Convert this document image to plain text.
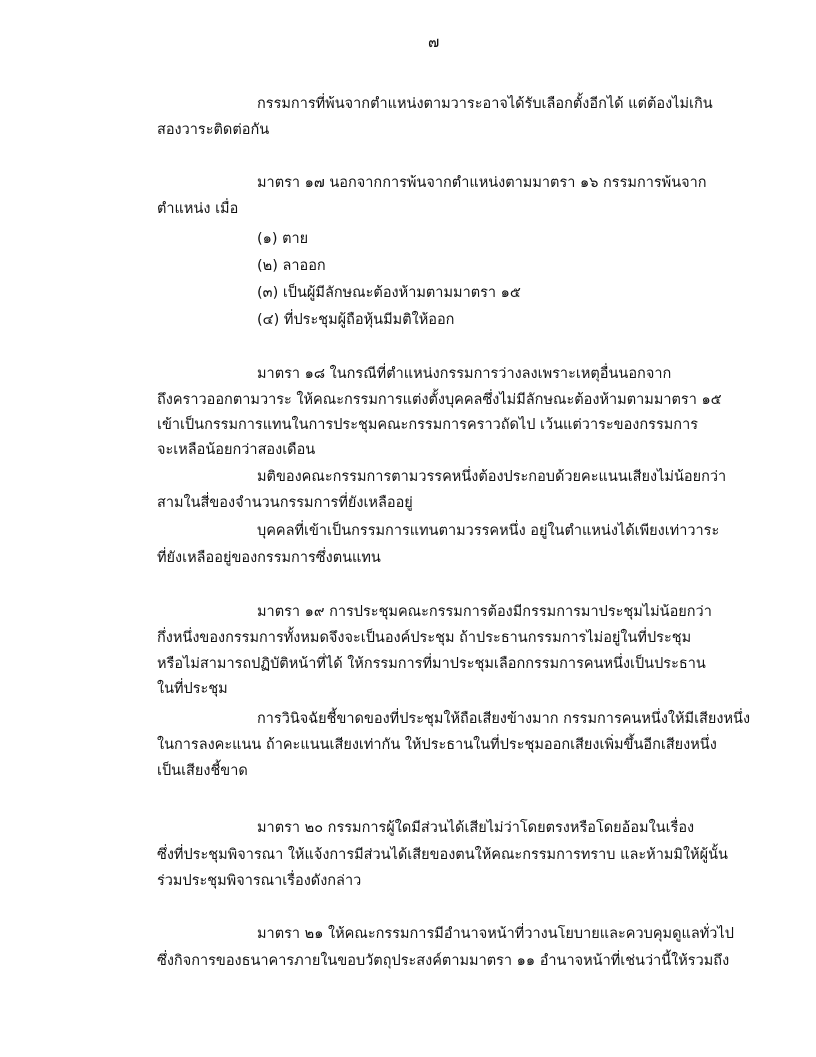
๗
กรรมการที่พ้นจากตำแหน่งตามวาระอาจได้รับเลือกตั้งอีกได้ แต่ต้องไม่เกิน
สองวาระติดต่อกัน
มาตรา ๑๗ นอกจากการพ้นจากตำแหน่งตามมาตรา ๑๖ กรรมการพ้นจาก
ตำแหน่ง เมื่อ
(๑) ตาย
(๒) ลาออก
(๓) เป็นผู้มีลักษณะต้องห้ามตามมาตรา ๑๕
(๔) ที่ประชุมผู้ถือหุ้นมีมติให้ออก
มาตรา ๑๘ ในกรณีที่ตำแหน่งกรรมการว่างลงเพราะเหตุอื่นนอกจาก
ถึงคราวออกตามวาระ ให้คณะกรรมการแต่งตั้งบุคคลซึ่งไม่มีลักษณะต้องห้ามตามมาตรา ๑๕
เข้าเป็นกรรมการแทนในการประชุมคณะกรรมการคราวถัดไป เว้นแต่วาระของกรรมการ
จะเหลือน้อยกว่าสองเดือน
มติของคณะกรรมการตามวรรคหนึ่งต้องประกอบด้วยคะแนนเสียงไม่น้อยกว่า
สามในสี่ของจำนวนกรรมการที่ยังเหลืออยู่
บุคคลที่เข้าเป็นกรรมการแทนตามวรรคหนึ่ง อยู่ในตำแหน่งได้เพียงเท่าวาระ
ที่ยังเหลืออยู่ของกรรมการซึ่งตนแทน
มาตรา ๑๙ การประชุมคณะกรรมการต้องมีกรรมการมาประชุมไม่น้อยกว่า
กึ่งหนึ่งของกรรมการทั้งหมดจึงจะเป็นองค์ประชุม ถ้าประธานกรรมการไม่อยู่ในที่ประชุม
หรือไม่สามารถปฏิบัติหน้าที่ได้ ให้กรรมการที่มาประชุมเลือกกรรมการคนหนึ่งเป็นประธาน
ในที่ประชุม
การวินิจฉัยชี้ขาดของที่ประชุมให้ถือเสียงข้างมาก กรรมการคนหนึ่งให้มีเสียงหนึ่ง
ในการลงคะแนน ถ้าคะแนนเสียงเท่ากัน ให้ประธานในที่ประชุมออกเสียงเพิ่มขึ้นอีกเสียงหนึ่ง
เป็นเสียงชี้ขาด
มาตรา ๒๐ กรรมการผู้ใดมีส่วนได้เสียไม่ว่าโดยตรงหรือโดยอ้อมในเรื่อง
ซึ่งที่ประชุมพิจารณา ให้แจ้งการมีส่วนได้เสียของตนให้คณะกรรมการทราบ และห้ามมิให้ผู้นั้น
ร่วมประชุมพิจารณาเรื่องดังกล่าว
มาตรา ๒๑ ให้คณะกรรมการมีอำนาจหน้าที่วางนโยบายและควบคุมดูแลทั่วไป
ซึ่งกิจการของธนาคารภายในขอบวัตถุประสงค์ตามมาตรา ๑๑ อำนาจหน้าที่เช่นว่านี้ให้รวมถึง
